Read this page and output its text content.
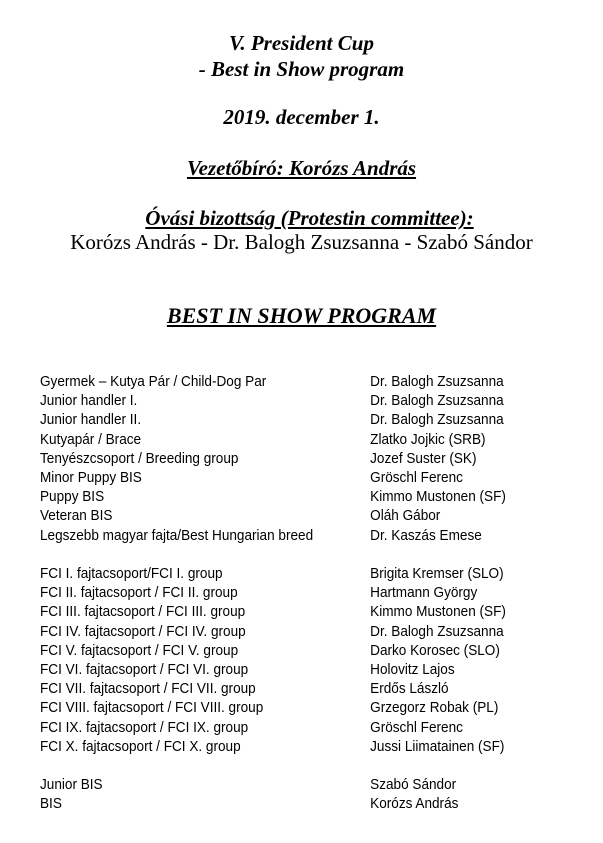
V. President Cup
- Best in Show program
2019. december 1.
Vezetőbíró: Korózs András
Óvási bizottság (Protestin committee):
Korózs András - Dr. Balogh Zsuzsanna - Szabó Sándor
BEST IN SHOW PROGRAM
Gyermek – Kutya Pár / Child-Dog Par	Dr. Balogh Zsuzsanna
Junior handler I.	Dr. Balogh Zsuzsanna
Junior handler II.	Dr. Balogh Zsuzsanna
Kutyapár / Brace	Zlatko Jojkic (SRB)
Tenyészcsoport / Breeding group	Jozef Suster (SK)
Minor Puppy BIS	Gröschl Ferenc
Puppy BIS	Kimmo Mustonen (SF)
Veteran BIS	Oláh Gábor
Legszebb magyar fajta/Best Hungarian breed	Dr. Kaszás Emese
FCI I. fajtacsoport/FCI I. group	Brigita Kremser (SLO)
FCI II. fajtacsoport / FCI II. group	Hartmann György
FCI III. fajtacsoport / FCI III. group	Kimmo Mustonen (SF)
FCI IV. fajtacsoport / FCI IV. group	Dr. Balogh Zsuzsanna
FCI V. fajtacsoport / FCI V. group	Darko Korosec (SLO)
FCI VI. fajtacsoport / FCI VI. group	Holovitz Lajos
FCI VII. fajtacsoport / FCI VII. group	Erdős László
FCI VIII. fajtacsoport / FCI VIII. group	Grzegorz Robak (PL)
FCI IX. fajtacsoport / FCI IX. group	Gröschl Ferenc
FCI X. fajtacsoport / FCI X. group	Jussi Liimatainen (SF)
Junior BIS	Szabó Sándor
BIS	Korózs András
